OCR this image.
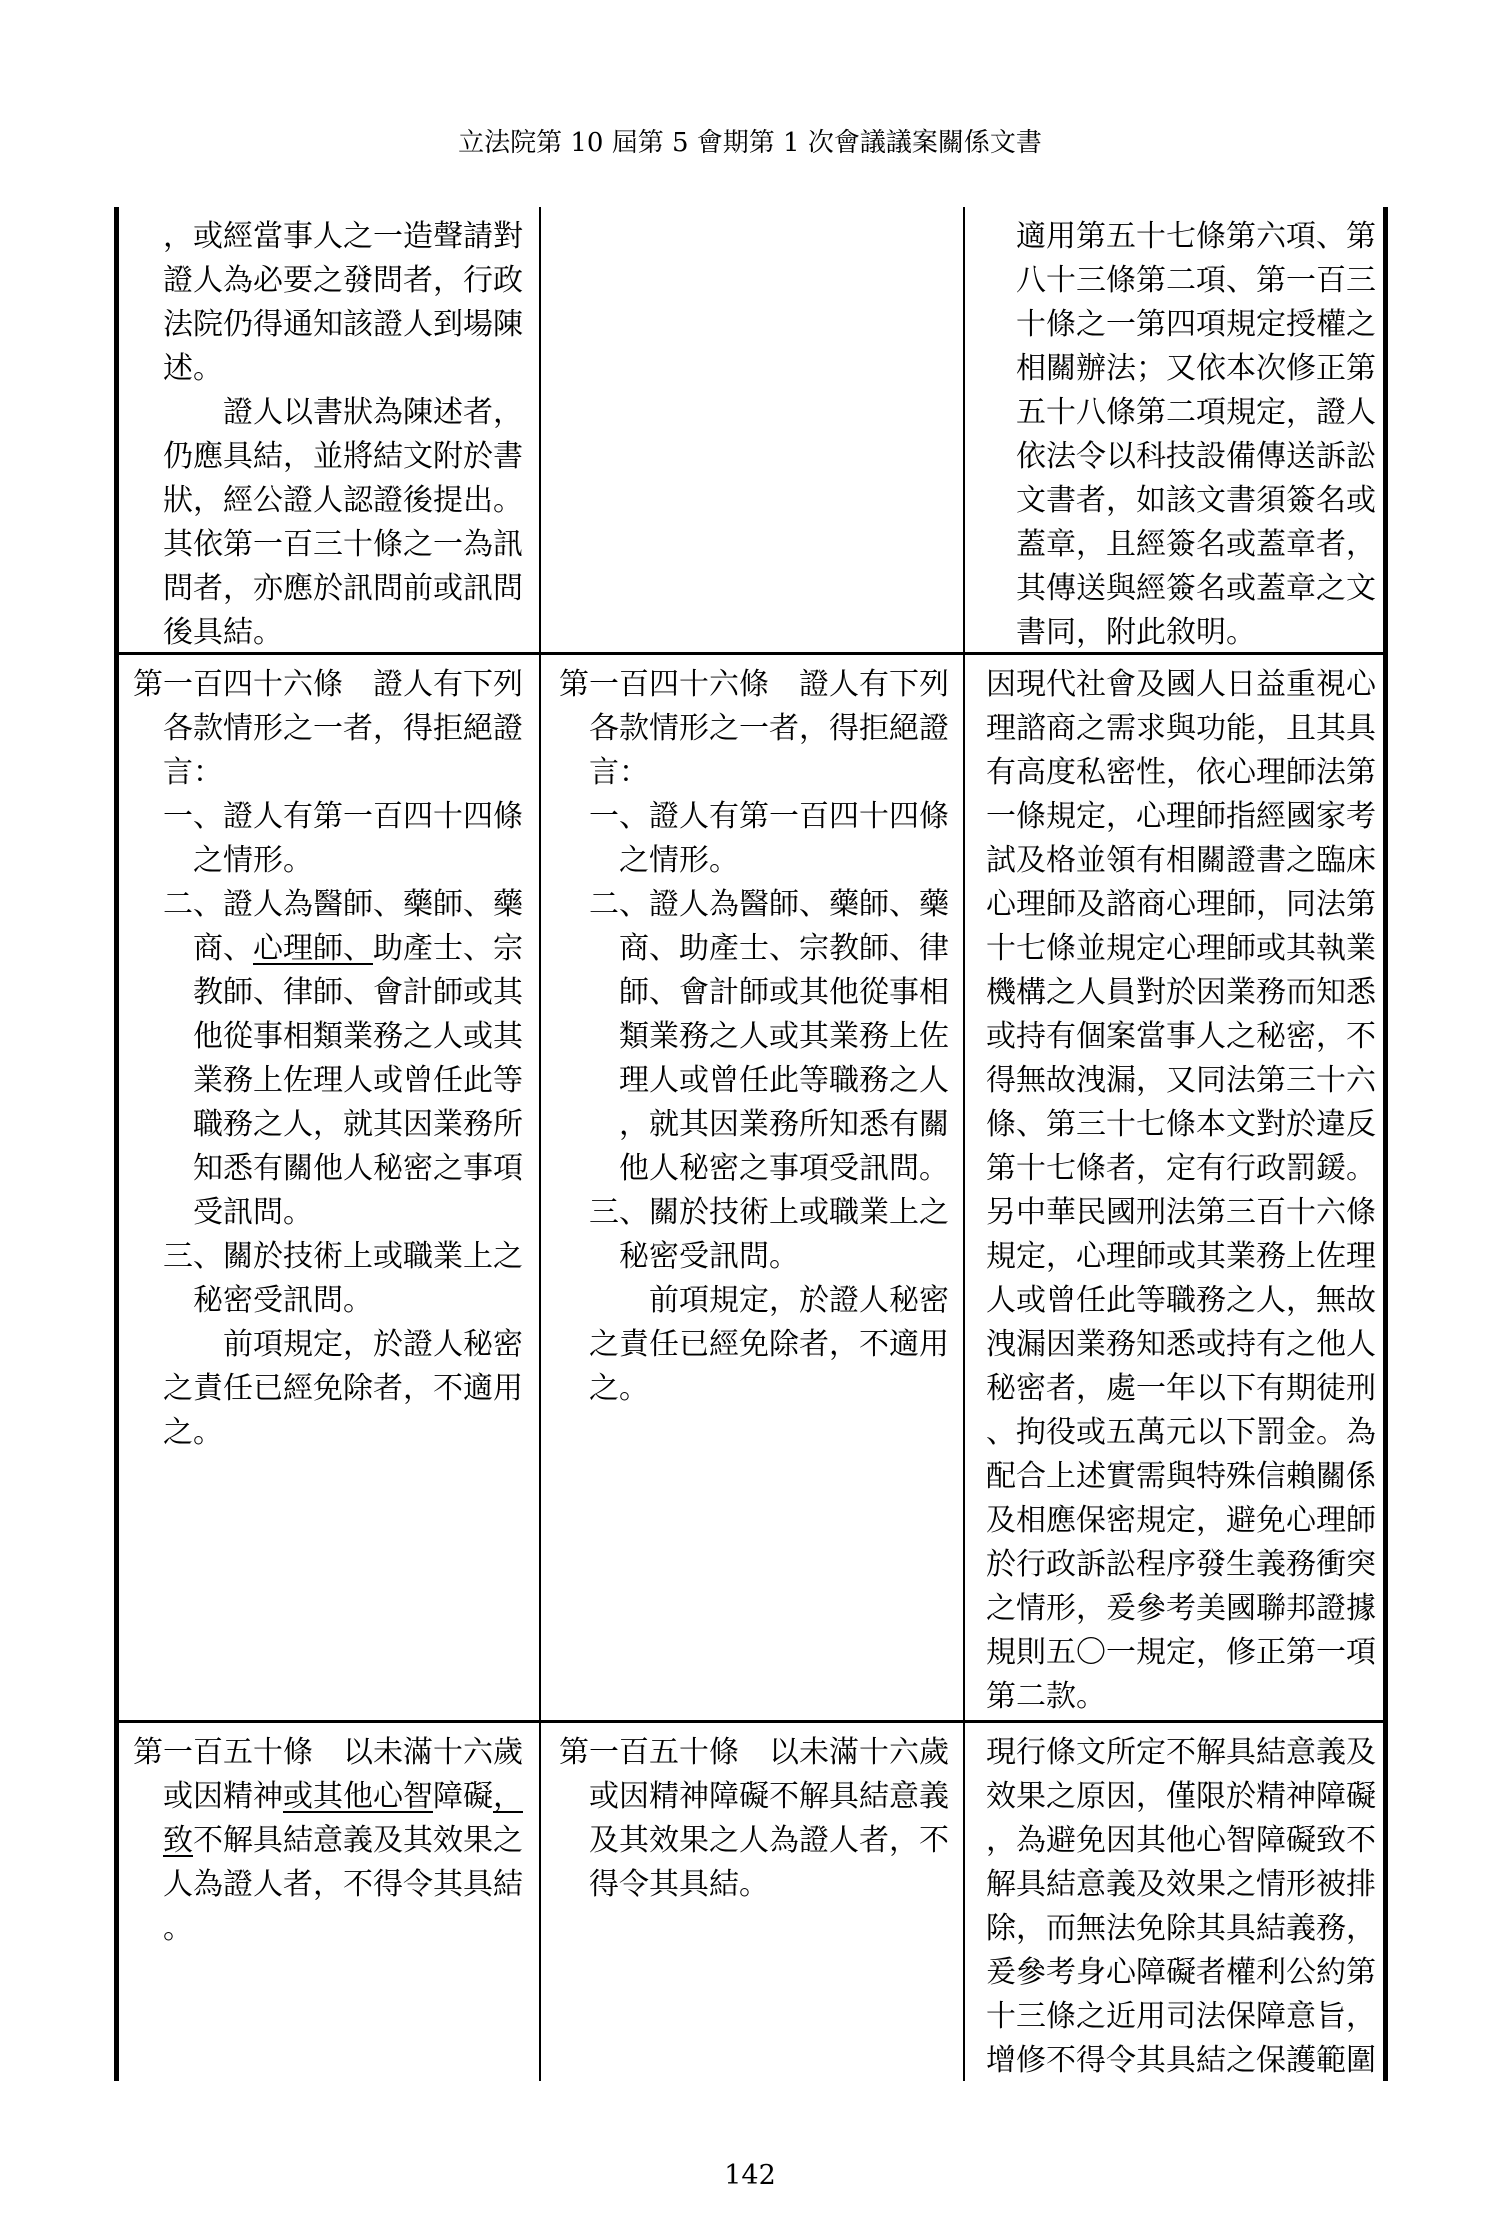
立法院第 10 屆第 5 會期第 1 次會議議案關係文書
，或經當事人之一造聲請對
證人為必要之發問者，行政
法院仍得通知該證人到場陳
述。
證人以書狀為陳述者，
仍應具結，並將結文附於書
狀，經公證人認證後提出。
其依第一百三十條之一為訊
問者，亦應於訊問前或訊問
後具結。
適用第五十七條第六項、第
八十三條第二項、第一百三
十條之一第四項規定授權之
相關辦法；又依本次修正第
五十八條第二項規定，證人
依法令以科技設備傳送訴訟
文書者，如該文書須簽名或
蓋章，且經簽名或蓋章者，
其傳送與經簽名或蓋章之文
書同，附此敘明。
第一百四十六條　證人有下列
各款情形之一者，得拒絕證
言：
一、證人有第一百四十四條
之情形。
二、證人為醫師、藥師、藥
商、心理師、助產士、宗
教師、律師、會計師或其
他從事相類業務之人或其
業務上佐理人或曾任此等
職務之人，就其因業務所
知悉有關他人秘密之事項
受訊問。
三、關於技術上或職業上之
秘密受訊問。
前項規定，於證人秘密
之責任已經免除者，不適用
之。
第一百四十六條　證人有下列
各款情形之一者，得拒絕證
言：
一、證人有第一百四十四條
之情形。
二、證人為醫師、藥師、藥
商、助產士、宗教師、律
師、會計師或其他從事相
類業務之人或其業務上佐
理人或曾任此等職務之人
，就其因業務所知悉有關
他人秘密之事項受訊問。
三、關於技術上或職業上之
秘密受訊問。
前項規定，於證人秘密
之責任已經免除者，不適用
之。
因現代社會及國人日益重視心
理諮商之需求與功能，且其具
有高度私密性，依心理師法第
一條規定，心理師指經國家考
試及格並領有相關證書之臨床
心理師及諮商心理師，同法第
十七條並規定心理師或其執業
機構之人員對於因業務而知悉
或持有個案當事人之秘密，不
得無故洩漏，又同法第三十六
條、第三十七條本文對於違反
第十七條者，定有行政罰鍰。
另中華民國刑法第三百十六條
規定，心理師或其業務上佐理
人或曾任此等職務之人，無故
洩漏因業務知悉或持有之他人
秘密者，處一年以下有期徒刑
、拘役或五萬元以下罰金。為
配合上述實需與特殊信賴關係
及相應保密規定，避免心理師
於行政訴訟程序發生義務衝突
之情形，爰參考美國聯邦證據
規則五〇一規定，修正第一項
第二款。
第一百五十條　以未滿十六歲
或因精神或其他心智障礙，
致不解具結意義及其效果之
人為證人者，不得令其具結
。
第一百五十條　以未滿十六歲
或因精神障礙不解具結意義
及其效果之人為證人者，不
得令其具結。
現行條文所定不解具結意義及
效果之原因，僅限於精神障礙
，為避免因其他心智障礙致不
解具結意義及效果之情形被排
除，而無法免除其具結義務，
爰參考身心障礙者權利公約第
十三條之近用司法保障意旨，
增修不得令其具結之保護範圍
142
